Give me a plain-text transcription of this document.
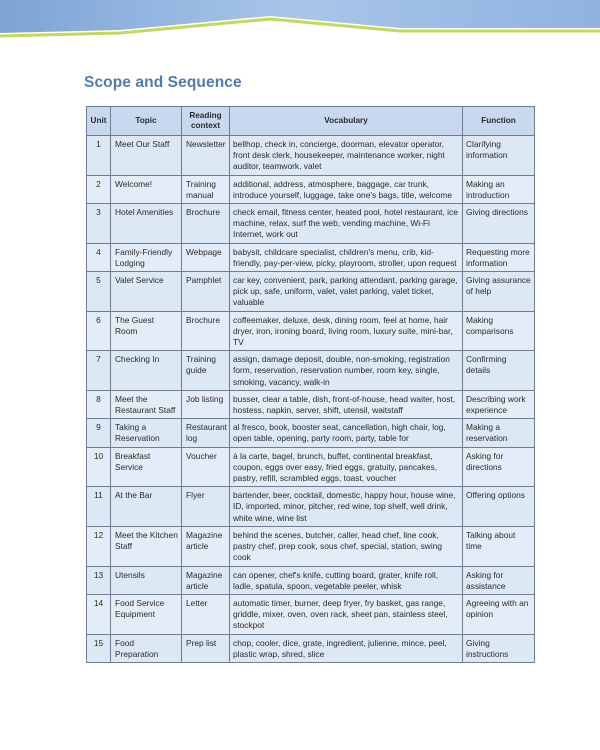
Scope and Sequence
Unit	Topic	Reading context	Vocabulary	Function
1	Meet Our Staff	Newsletter	bellhop, check in, concierge, doorman, elevator operator, front desk clerk, housekeeper, maintenance worker, night auditor, teamwork, valet	Clarifying information
2	Welcome!	Training manual	additional, address, atmosphere, baggage, car trunk, introduce yourself, luggage, take one's bags, title, welcome	Making an introduction
3	Hotel Amenities	Brochure	check email, fitness center, heated pool, hotel restaurant, ice machine, relax, surf the web, vending machine, Wi-Fi Internet, work out	Giving directions
4	Family-Friendly Lodging	Webpage	babysit, childcare specialist, children's menu, crib, kid-friendly, pay-per-view, picky, playroom, stroller, upon request	Requesting more information
5	Valet Service	Pamphlet	car key, convenient, park, parking attendant, parking garage, pick up, safe, uniform, valet, valet parking, valet ticket, valuable	Giving assurance of help
6	The Guest Room	Brochure	coffeemaker, deluxe, desk, dining room, feel at home, hair dryer, iron, ironing board, living room, luxury suite, mini-bar, TV	Making comparisons
7	Checking In	Training guide	assign, damage deposit, double, non-smoking, registration form, reservation, reservation number, room key, single, smoking, vacancy, walk-in	Confirming details
8	Meet the Restaurant Staff	Job listing	busser, clear a table, dish, front-of-house, head waiter, host, hostess, napkin, server, shift, utensil, waitstaff	Describing work experience
9	Taking a Reservation	Restaurant log	al fresco, book, booster seat, cancellation, high chair, log, open table, opening, party room, party, table for	Making a reservation
10	Breakfast Service	Voucher	à la carte, bagel, brunch, buffet, continental breakfast, coupon, eggs over easy, fried eggs, gratuity, pancakes, pastry, refill, scrambled eggs, toast, voucher	Asking for directions
11	At the Bar	Flyer	bartender, beer, cocktail, domestic, happy hour, house wine, ID, imported, minor, pitcher, red wine, top shelf, well drink, white wine, wine list	Offering options
12	Meet the Kitchen Staff	Magazine article	behind the scenes, butcher, caller, head chef, line cook, pastry chef, prep cook, sous chef, special, station, swing cook	Talking about time
13	Utensils	Magazine article	can opener, chef's knife, cutting board, grater, knife roll, ladle, spatula, spoon, vegetable peeler, whisk	Asking for assistance
14	Food Service Equipment	Letter	automatic timer, burner, deep fryer, fry basket, gas range, griddle, mixer, oven, oven rack, sheet pan, stainless steel, stockpot	Agreeing with an opinion
15	Food Preparation	Prep list	chop, cooler, dice, grate, ingredient, julienne, mince, peel, plastic wrap, shred, slice	Giving instructions
